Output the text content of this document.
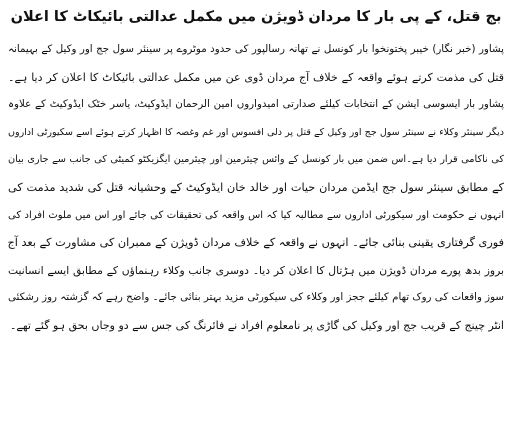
بج قتل، کے پی بار کا مردان ڈویژن میں مکمل عدالتی بائیکاٹ کا اعلان
پشاور (خبر نگار) خیبر پختونخوا بار کونسل نے تھانہ رسالپور کی حدود موٹروے پر سینئر سول جج اور وکیل کے بہیمانہ
قتل کی مذمت کرتے ہوئے واقعہ کے خلاف آج مردان ڈوی عن میں مکمل عدالتی بائیکاٹ کا اعلان کر دیا ہے۔
پشاور بار ایسوسی ایشن کے انتخابات کیلئے صدارتی امیدواروں امین الرحمان ایڈوکیٹ، یاسر خٹک ایڈوکیٹ کے علاوہ
دیگر سینئر وکلاء نے سینئر سول جج اور وکیل کے قتل پر دلی افسوس اور غم وغصہ کا اظہار کرتے ہوئے اسے سکیورٹی اداروں
کی ناکامی قرار دیا ہے۔اس ضمن میں بار کونسل کے وائس چیئرمین اور چیئرمین ایگزیکٹو کمیٹی کی جانب سے جاری بیان
کے مطابق سینئر سول جج ایڈمن مردان حیات اور خالد خان ایڈوکیٹ کے وحشیانہ قتل کی شدید مذمت کی
انہوں نے حکومت اور سیکورٹی اداروں سے مطالبہ کیا کہ اس واقعہ کی تحقیقات کی جائے اور اس میں ملوث افراد کی
فوری گرفتاری یقینی بنائی جائے۔ انہوں نے واقعہ کے خلاف مردان ڈویژن کے ممبران کی مشاورت کے بعد آج
بروز بدھ پورے مردان ڈویژن میں ہڑتال کا اعلان کر دیا۔ دوسری جانب وکلاء رہنماؤں کے مطابق ایسے انسانیت
سوز واقعات کی روک تھام کیلئے ججز اور وکلاء کی سیکورٹی مزید بہتر بنائی جائے۔ واضح رہے کہ گزشتہ روز رشکئی
انٹر چینج کے قریب جج اور وکیل کی گاڑی پر نامعلوم افراد نے فائرنگ کی جس سے دو وجاں بحق ہو گئے تھے۔
